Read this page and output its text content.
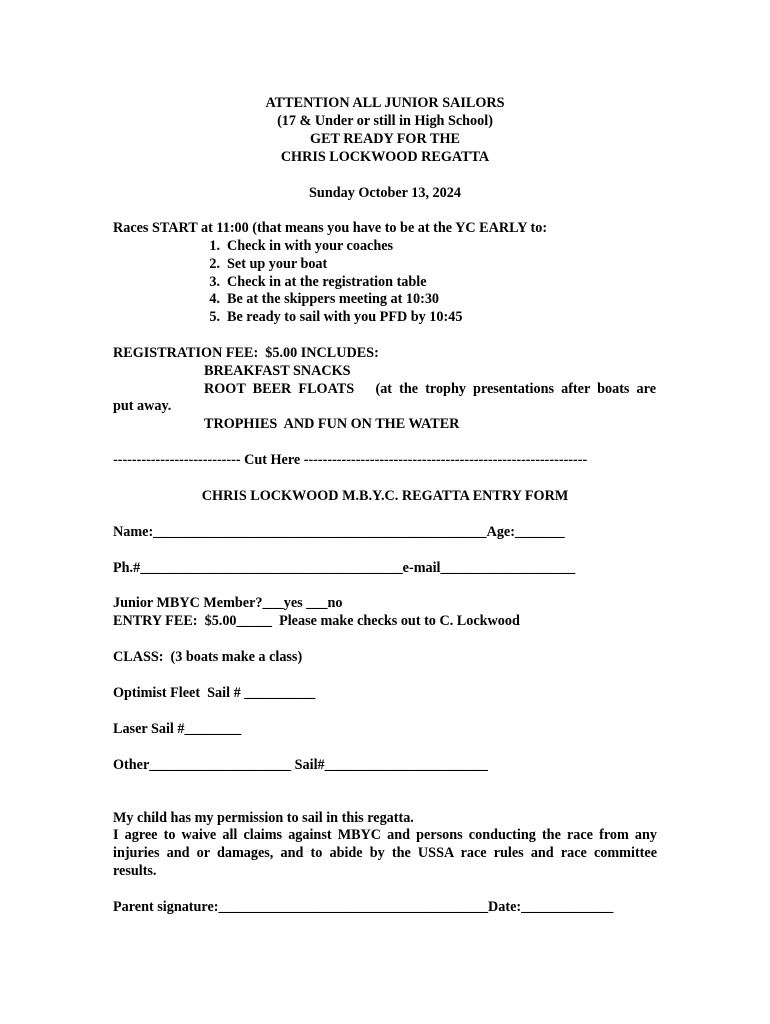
ATTENTION ALL JUNIOR SAILORS
(17 & Under or still in High School)
GET READY FOR THE
CHRIS LOCKWOOD REGATTA
Sunday October 13, 2024
Races START at 11:00 (that means you have to be at the YC EARLY to:
1. Check in with your coaches
2. Set up your boat
3. Check in at the registration table
4. Be at the skippers meeting at 10:30
5. Be ready to sail with you PFD by 10:45
REGISTRATION FEE:  $5.00 INCLUDES:
BREAKFAST SNACKS
ROOT BEER FLOATS   (at the trophy presentations after boats are
put away.
TROPHIES  AND FUN ON THE WATER
--------------------------- Cut Here ------------------------------------------------------------
CHRIS LOCKWOOD M.B.Y.C. REGATTA ENTRY FORM
Name:_______________________________________________Age:_______
Ph.#_____________________________________e-mail___________________
Junior MBYC Member?___yes ___no
ENTRY FEE:  $5.00_____  Please make checks out to C. Lockwood
CLASS:  (3 boats make a class)
Optimist Fleet  Sail # __________
Laser Sail #________
Other____________________ Sail#_______________________
My child has my permission to sail in this regatta.
I agree to waive all claims against MBYC and persons conducting the race from any
injuries and or damages, and to abide by the USSA race rules and race committee
results.
Parent signature:______________________________________Date:_____________
